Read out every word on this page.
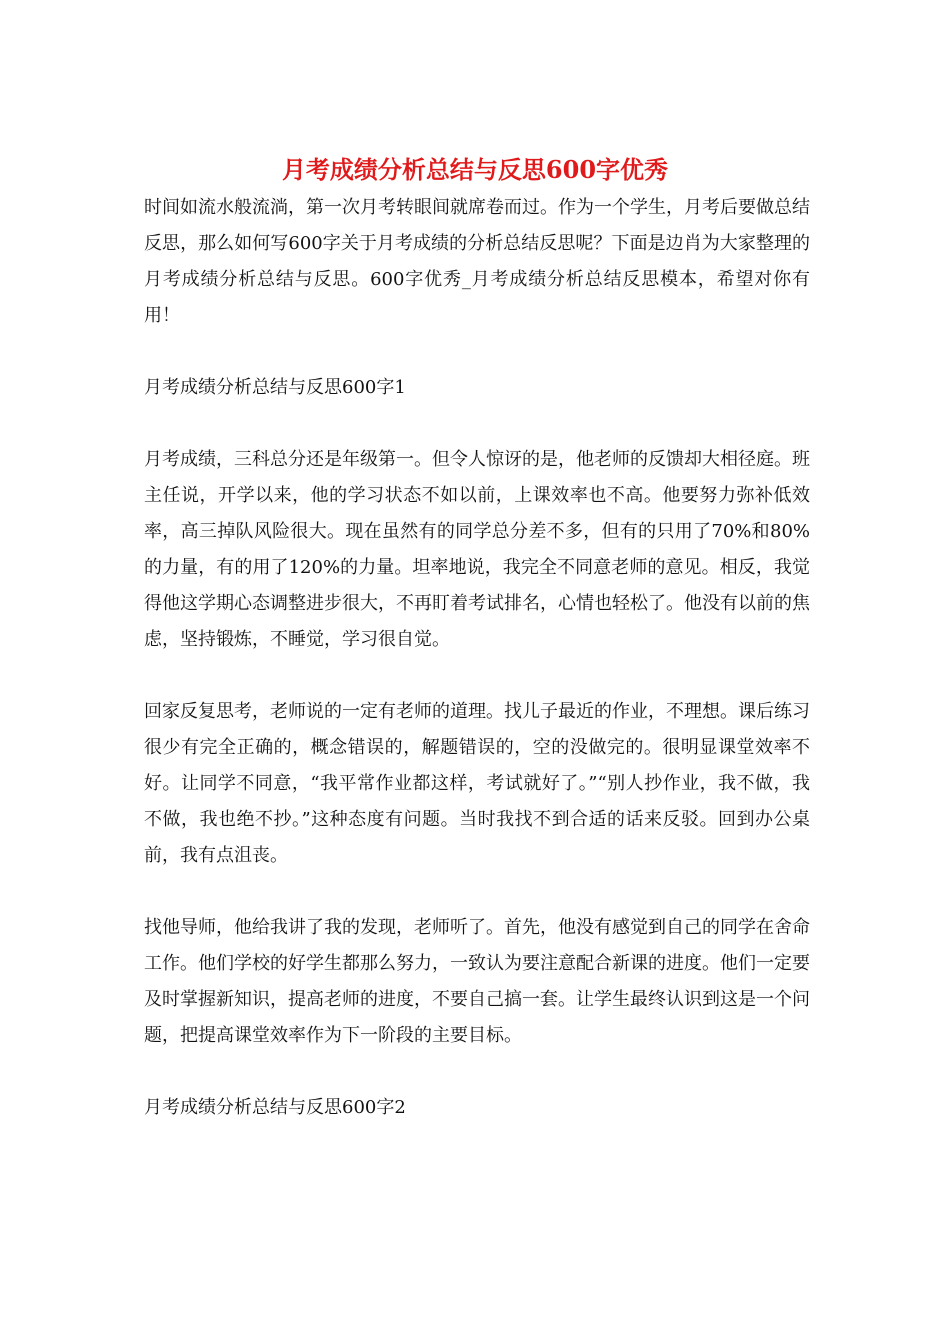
月考成绩分析总结与反思600字优秀

时间如流水般流淌，第一次月考转眼间就席卷而过。作为一个学生，月考后要做总结反思，那么如何写600字关于月考成绩的分析总结反思呢？下面是边肖为大家整理的月考成绩分析总结与反思。600字优秀_月考成绩分析总结反思模本，希望对你有用！

月考成绩分析总结与反思600字1

月考成绩，三科总分还是年级第一。但令人惊讶的是，他老师的反馈却大相径庭。班主任说，开学以来，他的学习状态不如以前，上课效率也不高。他要努力弥补低效率，高三掉队风险很大。现在虽然有的同学总分差不多，但有的只用了70%和80%的力量，有的用了120%的力量。坦率地说，我完全不同意老师的意见。相反，我觉得他这学期心态调整进步很大，不再盯着考试排名，心情也轻松了。他没有以前的焦虑，坚持锻炼，不睡觉，学习很自觉。

回家反复思考，老师说的一定有老师的道理。找儿子最近的作业，不理想。课后练习很少有完全正确的，概念错误的，解题错误的，空的没做完的。很明显课堂效率不好。让同学不同意，“我平常作业都这样，考试就好了。”“别人抄作业，我不做，我不做，我也绝不抄。”这种态度有问题。当时我找不到合适的话来反驳。回到办公桌前，我有点沮丧。

找他导师，他给我讲了我的发现，老师听了。首先，他没有感觉到自己的同学在舍命工作。他们学校的好学生都那么努力，一致认为要注意配合新课的进度。他们一定要及时掌握新知识，提高老师的进度，不要自己搞一套。让学生最终认识到这是一个问题，把提高课堂效率作为下一阶段的主要目标。

月考成绩分析总结与反思600字2
